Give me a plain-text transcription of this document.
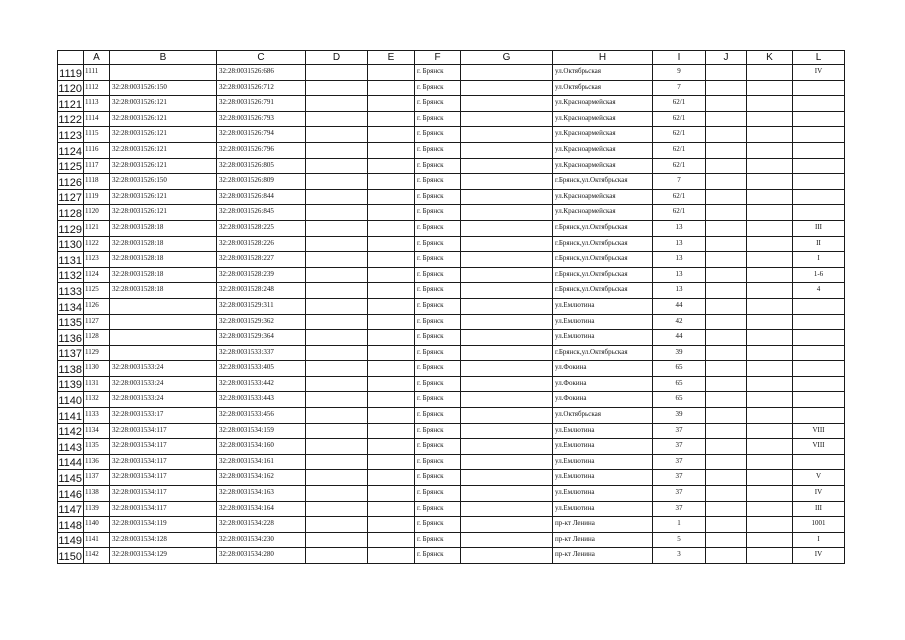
	A	B	C	D	E	F	G	H	I	J	K	L
1119	1111		32:28:0031526:686			г. Брянск		ул.Октябрьская	9			IV
1120	1112	32:28:0031526:150	32:28:0031526:712			г. Брянск		ул.Октябрьская	7			
1121	1113	32:28:0031526:121	32:28:0031526:791			г. Брянск		ул.Красноармейская	62/1			
1122	1114	32:28:0031526:121	32:28:0031526:793			г. Брянск		ул.Красноармейская	62/1			
1123	1115	32:28:0031526:121	32:28:0031526:794			г. Брянск		ул.Красноармейская	62/1			
1124	1116	32:28:0031526:121	32:28:0031526:796			г. Брянск		ул.Красноармейская	62/1			
1125	1117	32:28:0031526:121	32:28:0031526:805			г. Брянск		ул.Красноармейская	62/1			
1126	1118	32:28:0031526:150	32:28:0031526:809			г. Брянск		г.Брянск,ул.Октябрьская	7			
1127	1119	32:28:0031526:121	32:28:0031526:844			г. Брянск		ул.Красноармейская	62/1			
1128	1120	32:28:0031526:121	32:28:0031526:845			г. Брянск		ул.Красноармейская	62/1			
1129	1121	32:28:0031528:18	32:28:0031528:225			г. Брянск		г.Брянск,ул.Октябрьская	13			III
1130	1122	32:28:0031528:18	32:28:0031528:226			г. Брянск		г.Брянск,ул.Октябрьская	13			II
1131	1123	32:28:0031528:18	32:28:0031528:227			г. Брянск		г.Брянск,ул.Октябрьская	13			I
1132	1124	32:28:0031528:18	32:28:0031528:239			г. Брянск		г.Брянск,ул.Октябрьская	13			1-6
1133	1125	32:28:0031528:18	32:28:0031528:248			г. Брянск		г.Брянск,ул.Октябрьская	13			4
1134	1126		32:28:0031529:311			г. Брянск		ул.Емлютина	44			
1135	1127		32:28:0031529:362			г. Брянск		ул.Емлютина	42			
1136	1128		32:28:0031529:364			г. Брянск		ул.Емлютина	44			
1137	1129		32:28:0031533:337			г. Брянск		г.Брянск,ул.Октябрьская	39			
1138	1130	32:28:0031533:24	32:28:0031533:405			г. Брянск		ул.Фокина	65			
1139	1131	32:28:0031533:24	32:28:0031533:442			г. Брянск		ул.Фокина	65			
1140	1132	32:28:0031533:24	32:28:0031533:443			г. Брянск		ул.Фокина	65			
1141	1133	32:28:0031533:17	32:28:0031533:456			г. Брянск		ул.Октябрьская	39			
1142	1134	32:28:0031534:117	32:28:0031534:159			г. Брянск		ул.Емлютина	37			VIII
1143	1135	32:28:0031534:117	32:28:0031534:160			г. Брянск		ул.Емлютина	37			VIII
1144	1136	32:28:0031534:117	32:28:0031534:161			г. Брянск		ул.Емлютина	37			
1145	1137	32:28:0031534:117	32:28:0031534:162			г. Брянск		ул.Емлютина	37			V
1146	1138	32:28:0031534:117	32:28:0031534:163			г. Брянск		ул.Емлютина	37			IV
1147	1139	32:28:0031534:117	32:28:0031534:164			г. Брянск		ул.Емлютина	37			III
1148	1140	32:28:0031534:119	32:28:0031534:228			г. Брянск		пр-кт Ленина	1			1001
1149	1141	32:28:0031534:128	32:28:0031534:230			г. Брянск		пр-кт Ленина	5			I
1150	1142	32:28:0031534:129	32:28:0031534:280			г. Брянск		пр-кт Ленина	3			IV
